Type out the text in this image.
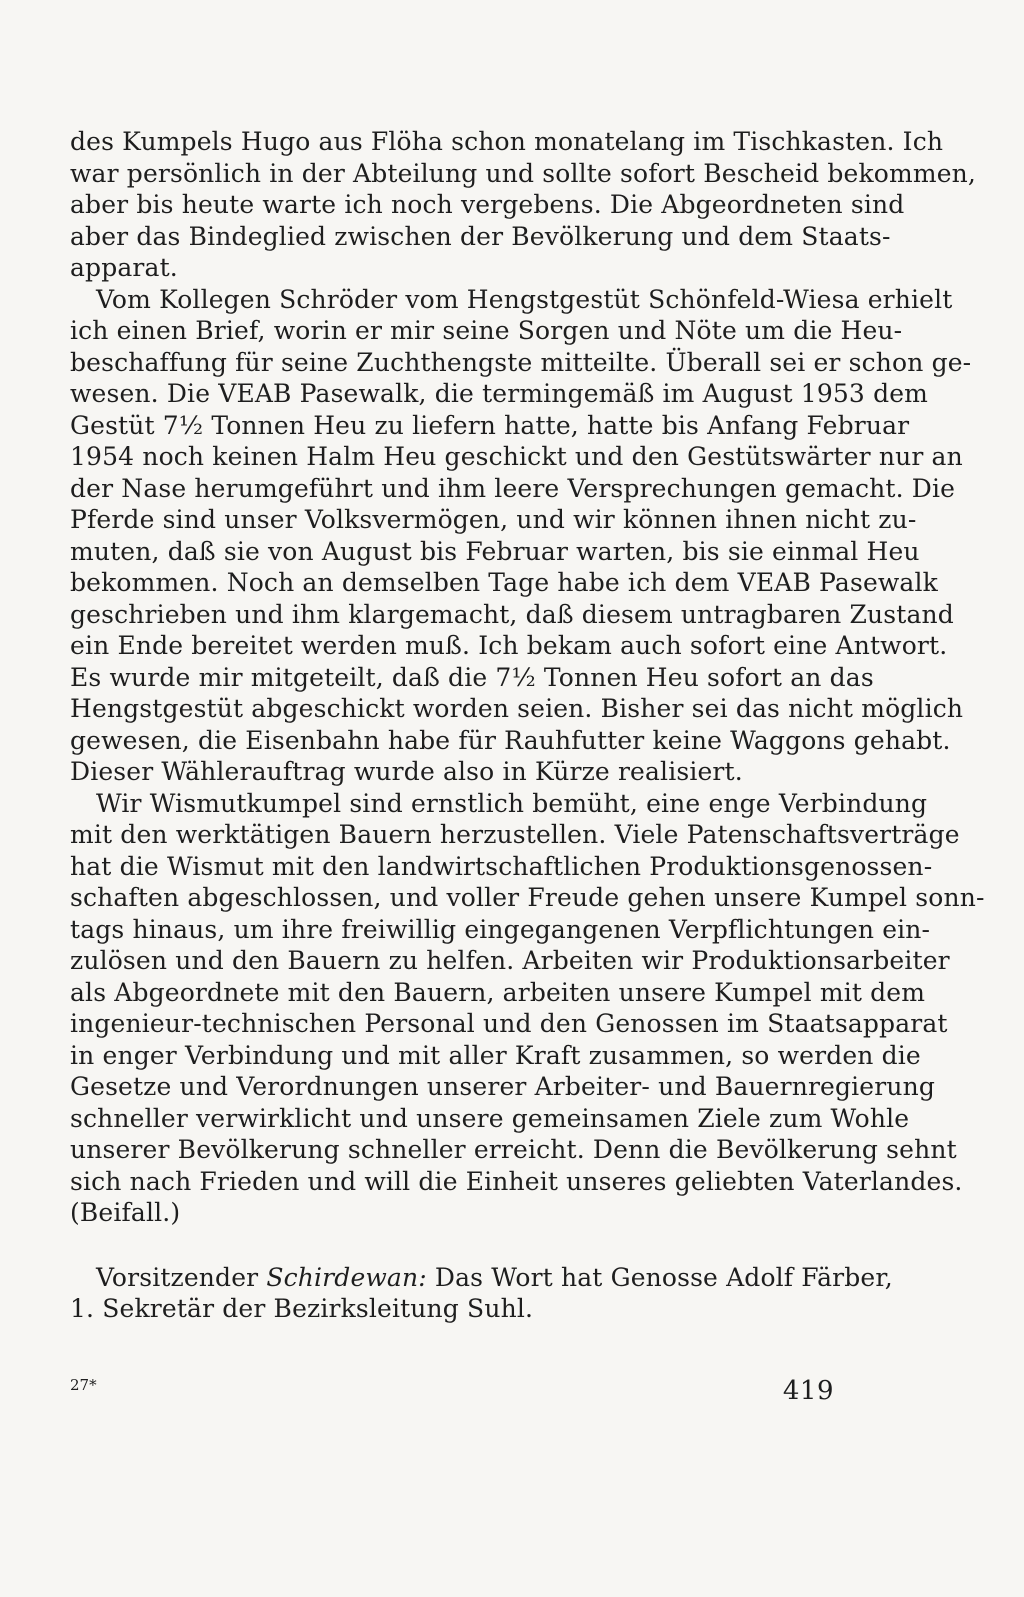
des Kumpels Hugo aus Flöha schon monatelang im Tischkasten. Ich
war persönlich in der Abteilung und sollte sofort Bescheid bekommen,
aber bis heute warte ich noch vergebens. Die Abgeordneten sind
aber das Bindeglied zwischen der Bevölkerung und dem Staats-
apparat.
Vom Kollegen Schröder vom Hengstgestüt Schönfeld-Wiesa erhielt
ich einen Brief, worin er mir seine Sorgen und Nöte um die Heu-
beschaffung für seine Zuchthengste mitteilte. Überall sei er schon ge-
wesen. Die VEAB Pasewalk, die termingemäß im August 1953 dem
Gestüt 7½ Tonnen Heu zu liefern hatte, hatte bis Anfang Februar
1954 noch keinen Halm Heu geschickt und den Gestütswärter nur an
der Nase herumgeführt und ihm leere Versprechungen gemacht. Die
Pferde sind unser Volksvermögen, und wir können ihnen nicht zu-
muten, daß sie von August bis Februar warten, bis sie einmal Heu
bekommen. Noch an demselben Tage habe ich dem VEAB Pasewalk
geschrieben und ihm klargemacht, daß diesem untragbaren Zustand
ein Ende bereitet werden muß. Ich bekam auch sofort eine Antwort.
Es wurde mir mitgeteilt, daß die 7½ Tonnen Heu sofort an das
Hengstgestüt abgeschickt worden seien. Bisher sei das nicht möglich
gewesen, die Eisenbahn habe für Rauhfutter keine Waggons gehabt.
Dieser Wählerauftrag wurde also in Kürze realisiert.
Wir Wismutkumpel sind ernstlich bemüht, eine enge Verbindung
mit den werktätigen Bauern herzustellen. Viele Patenschaftsverträge
hat die Wismut mit den landwirtschaftlichen Produktionsgenossen-
schaften abgeschlossen, und voller Freude gehen unsere Kumpel sonn-
tags hinaus, um ihre freiwillig eingegangenen Verpflichtungen ein-
zulösen und den Bauern zu helfen. Arbeiten wir Produktionsarbeiter
als Abgeordnete mit den Bauern, arbeiten unsere Kumpel mit dem
ingenieur-technischen Personal und den Genossen im Staatsapparat
in enger Verbindung und mit aller Kraft zusammen, so werden die
Gesetze und Verordnungen unserer Arbeiter- und Bauernregierung
schneller verwirklicht und unsere gemeinsamen Ziele zum Wohle
unserer Bevölkerung schneller erreicht. Denn die Bevölkerung sehnt
sich nach Frieden und will die Einheit unseres geliebten Vaterlandes.
(Beifall.)
Vorsitzender Schirdewan: Das Wort hat Genosse Adolf Färber,
1. Sekretär der Bezirksleitung Suhl.
27*	419
